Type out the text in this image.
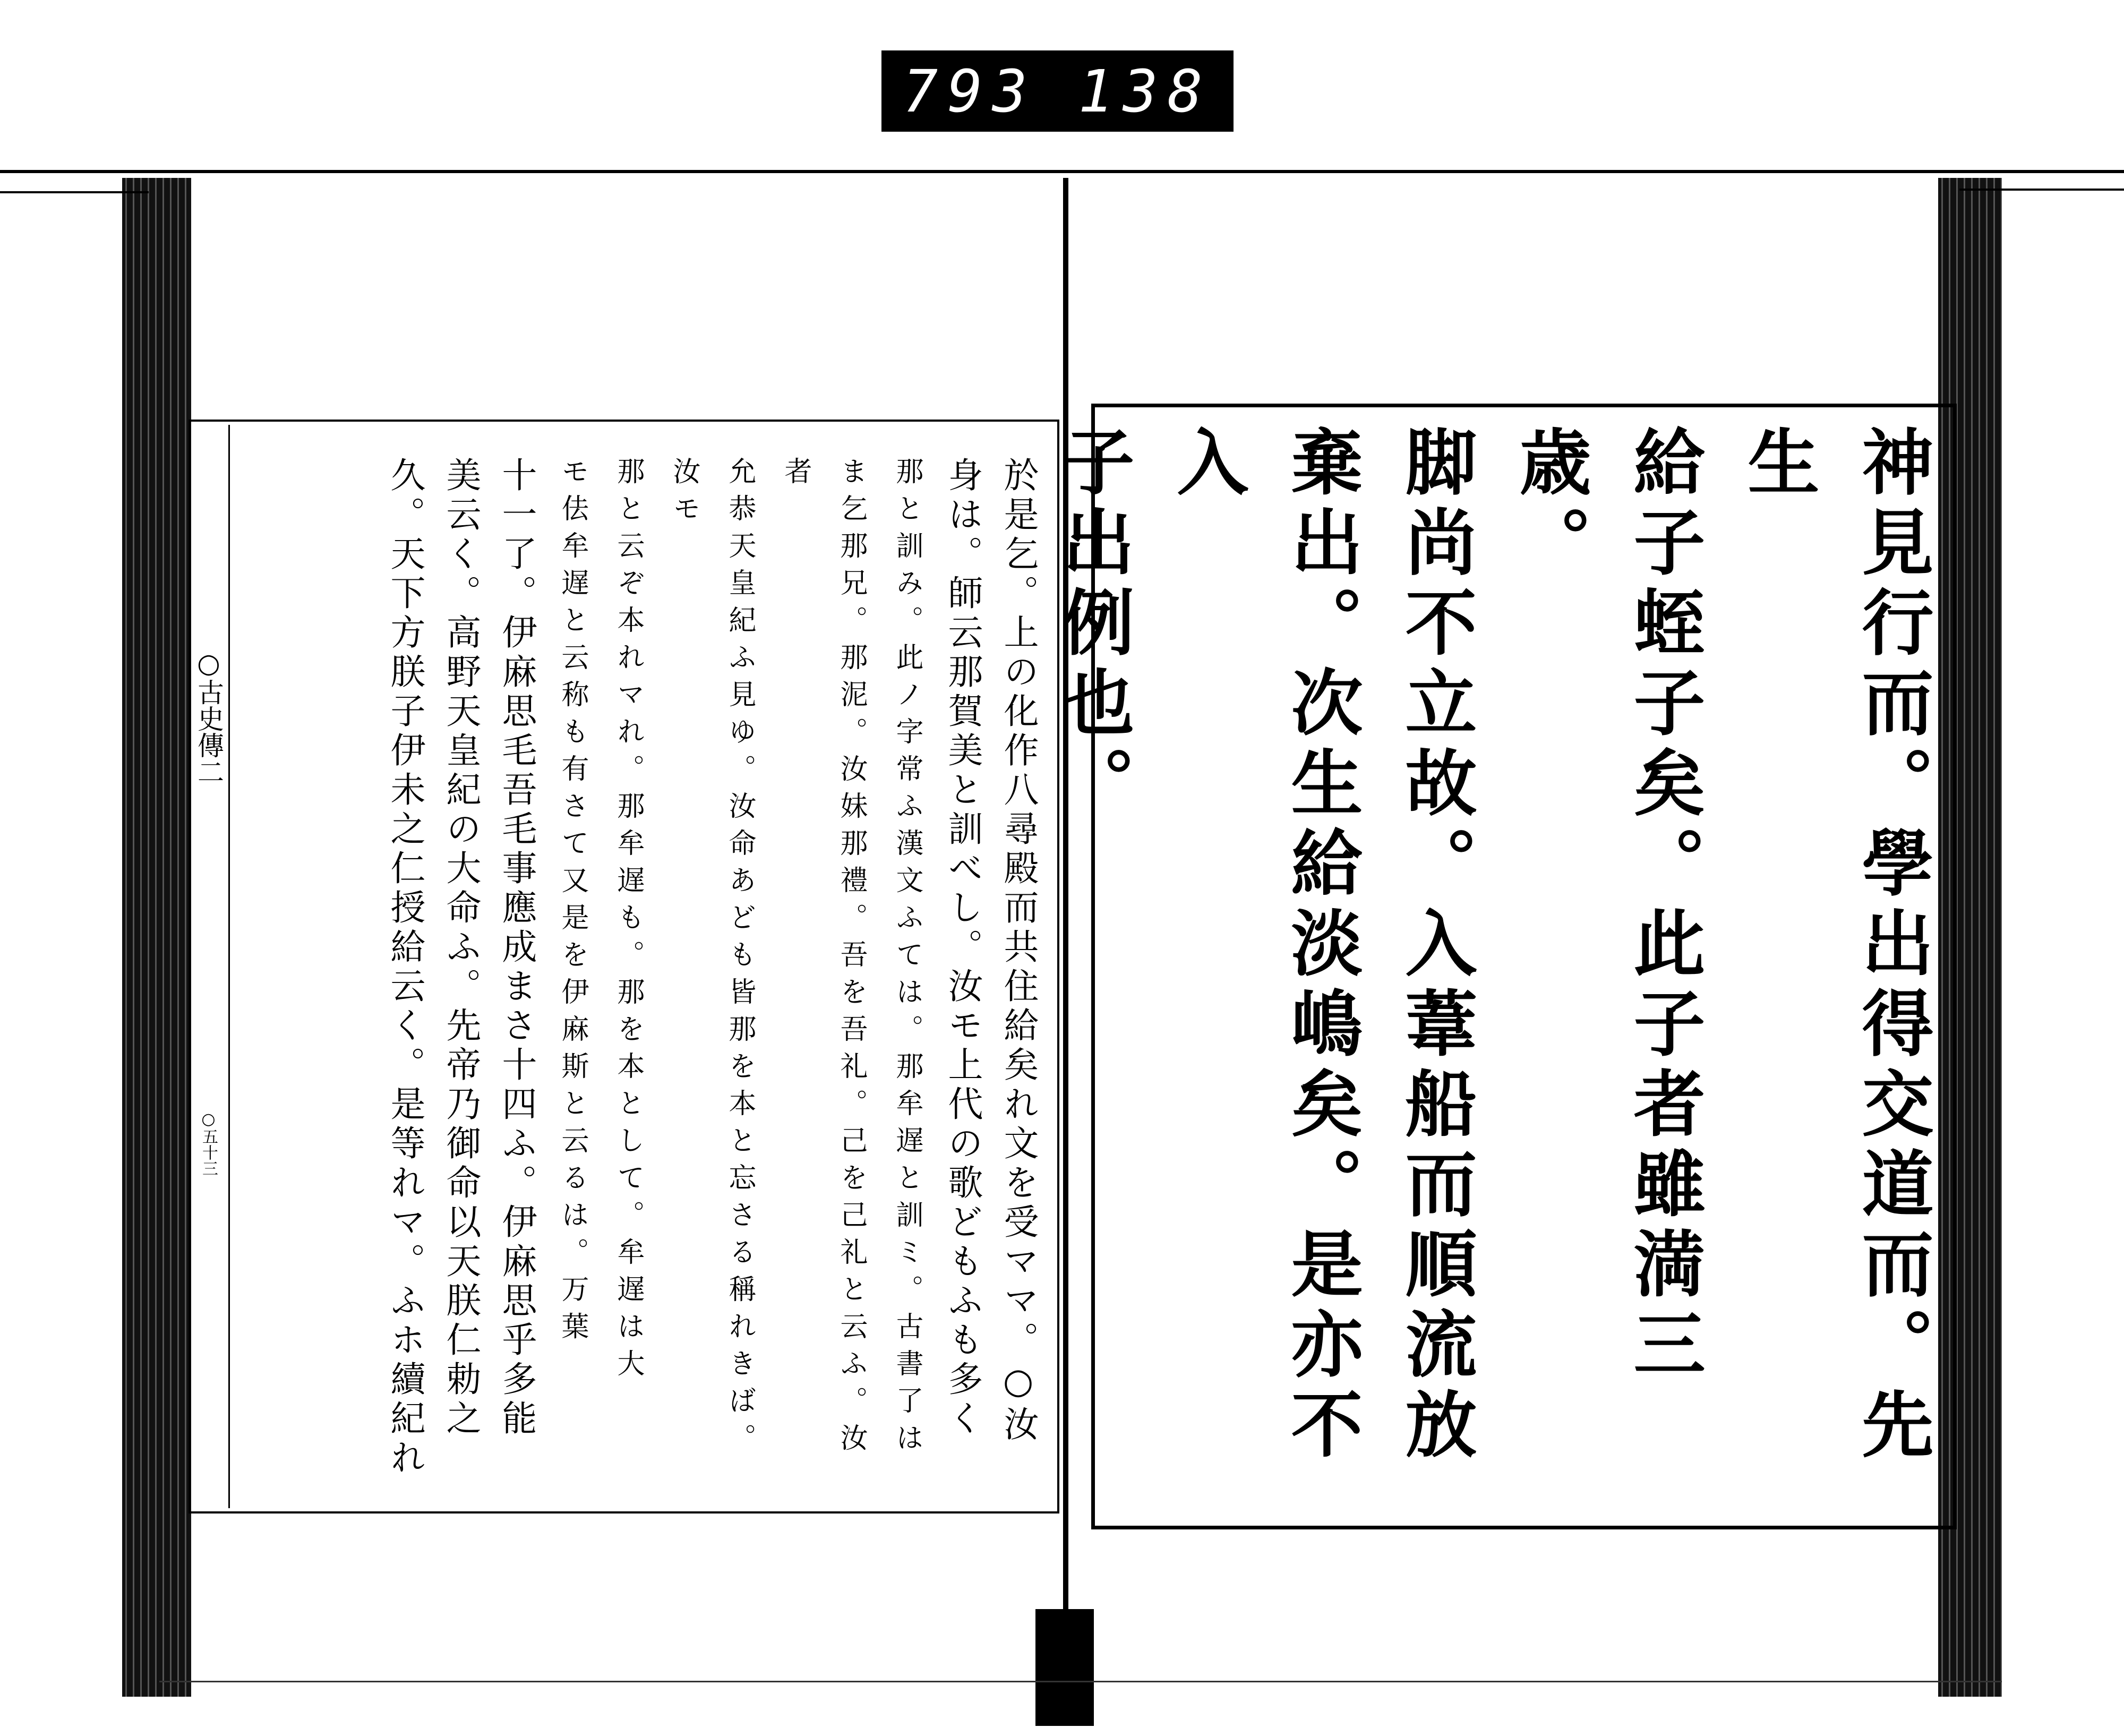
793 138
○古史傳二
○五十三	於是乞。上の化作八尋殿而共住給矣れ文を受ママ。○汝

身は。師云那賀美と訓べし。汝モ上代の歌どもふも多く

那と訓み。此ノ字常ふ漢文ふては。那牟遅と訓ミ。古書了は

ま乞那兄。那泥。汝妹那禮。吾を吾礼。己を己礼と云ふ。汝者

允恭天皇紀ふ見ゆ。汝命あども皆那を本と忘さる稱れきば。汝モ

那と云ぞ本れマれ。那牟遅も。那を本として。牟遅は大

モ佉牟遅と云称も有さて又是を伊麻斯と云るは。万葉

十一了。伊麻思毛吾毛事應成まさ十四ふ。伊麻思乎多能

美云く。高野天皇紀の大命ふ。先帝乃御命以天朕仁勅之

久。天下方朕子伊未之仁授給云く。是等れマ。ふホ續紀れ	神見行而。學出得交道而。先生

給子蛭子矣。此子者雖満三歳。

脚尚不立故。入葦船而順流放

棄出。次生給淡嶋矣。是亦不入

子出例也。
